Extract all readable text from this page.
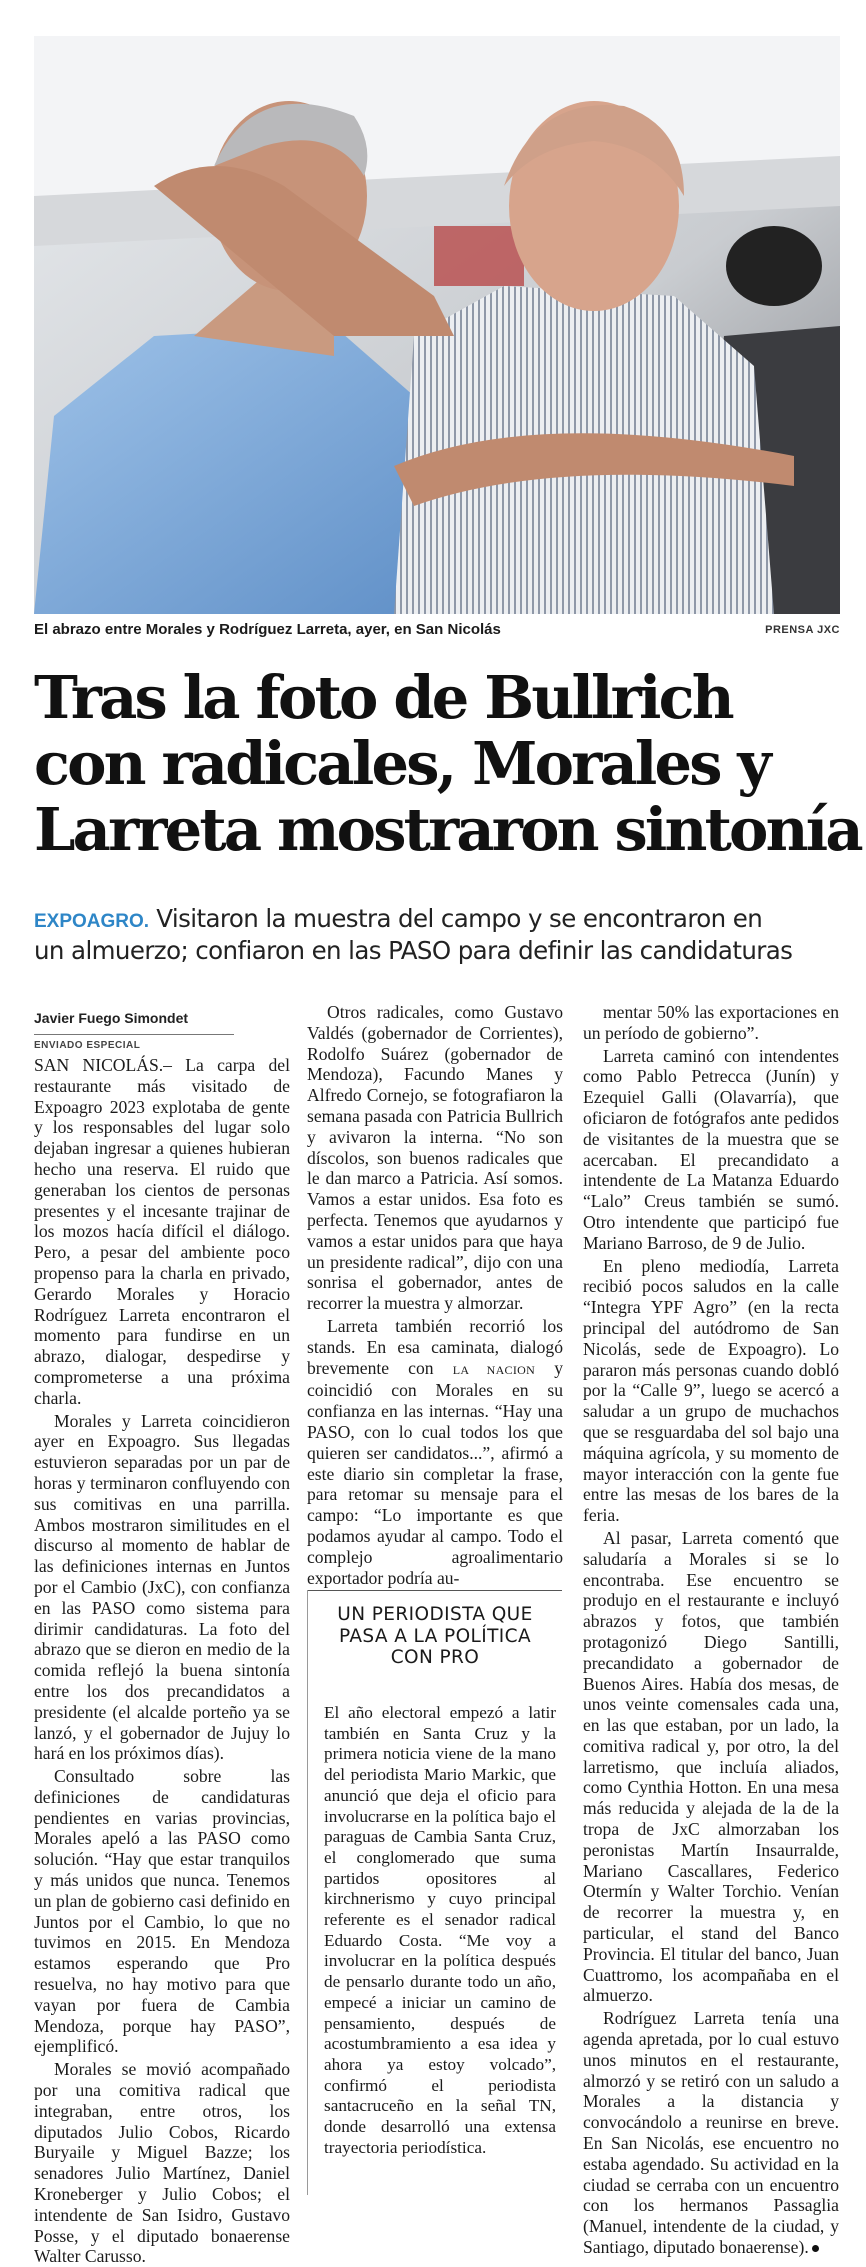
El abrazo entre Morales y Rodríguez Larreta, ayer, en San Nicolás	PRENSA JXC
Tras la foto de Bullrich
con radicales, Morales y
Larreta mostraron sintonía
EXPOAGRO. Visitaron la muestra del campo y se encontraron en
un almuerzo; confiaron en las PASO para definir las candidaturas
Javier Fuego Simondet
ENVIADO ESPECIAL

SAN NICOLÁS.– La carpa del restaurante más visitado de Expoagro 2023 explotaba de gente y los responsables del lugar solo dejaban ingresar a quienes hubieran hecho una reserva. El ruido que generaban los cientos de personas presentes y el incesante trajinar de los mozos hacía difícil el diálogo. Pero, a pesar del ambiente poco propenso para la charla en privado, Gerardo Morales y Horacio Rodríguez Larreta encontraron el momento para fundirse en un abrazo, dialogar, despedirse y comprometerse a una próxima charla.

Morales y Larreta coincidieron ayer en Expoagro. Sus llegadas estuvieron separadas por un par de horas y terminaron confluyendo con sus comitivas en una parrilla. Ambos mostraron similitudes en el discurso al momento de hablar de las definiciones internas en Juntos por el Cambio (JxC), con confianza en las PASO como sistema para dirimir candidaturas. La foto del abrazo que se dieron en medio de la comida reflejó la buena sintonía entre los dos precandidatos a presidente (el alcalde porteño ya se lanzó, y el gobernador de Jujuy lo hará en los próximos días).

Consultado sobre las definiciones de candidaturas pendientes en varias provincias, Morales apeló a las PASO como solución. “Hay que estar tranquilos y más unidos que nunca. Tenemos un plan de gobierno casi definido en Juntos por el Cambio, lo que no tuvimos en 2015. En Mendoza estamos esperando que Pro resuelva, no hay motivo para que vayan por fuera de Cambia Mendoza, porque hay PASO”, ejemplificó.

Morales se movió acompañado por una comitiva radical que integraban, entre otros, los diputados Julio Cobos, Ricardo Buryaile y Miguel Bazze; los senadores Julio Martínez, Daniel Kroneberger y Julio Cobos; el intendente de San Isidro, Gustavo Posse, y el diputado bonaerense Walter Carusso.

Otros radicales, como Gustavo Valdés (gobernador de Corrientes), Rodolfo Suárez (gobernador de Mendoza), Facundo Manes y Alfredo Cornejo, se fotografiaron la semana pasada con Patricia Bullrich y avivaron la interna. “No son díscolos, son buenos radicales que le dan marco a Patricia. Así somos. Vamos a estar unidos. Esa foto es perfecta. Tenemos que ayudarnos y vamos a estar unidos para que haya un presidente radical”, dijo con una sonrisa el gobernador, antes de recorrer la muestra y almorzar.

Larreta también recorrió los stands. En esa caminata, dialogó brevemente con LA NACION y coincidió con Morales en su confianza en las internas. “Hay una PASO, con lo cual todos los que quieren ser candidatos...”, afirmó a este diario sin completar la frase, para retomar su mensaje para el campo: “Lo importante es que podamos ayudar al campo. Todo el complejo agroalimentario exportador podría au-

UN PERIODISTA QUE
PASA A LA POLÍTICA
CON PRO

El año electoral empezó a latir también en Santa Cruz y la primera noticia viene de la mano del periodista Mario Markic, que anunció que deja el oficio para involucrarse en la política bajo el paraguas de Cambia Santa Cruz, el conglomerado que suma partidos opositores al kirchnerismo y cuyo principal referente es el senador radical Eduardo Costa. “Me voy a involucrar en la política después de pensarlo durante todo un año, empecé a iniciar un camino de pensamiento, después de acostumbramiento a esa idea y ahora ya estoy volcado”, confirmó el periodista santacruceño en la señal TN, donde desarrolló una extensa trayectoria periodística.

mentar 50% las exportaciones en un período de gobierno”.

Larreta caminó con intendentes como Pablo Petrecca (Junín) y Ezequiel Galli (Olavarría), que oficiaron de fotógrafos ante pedidos de visitantes de la muestra que se acercaban. El precandidato a intendente de La Matanza Eduardo “Lalo” Creus también se sumó. Otro intendente que participó fue Mariano Barroso, de 9 de Julio.

En pleno mediodía, Larreta recibió pocos saludos en la calle “Integra YPF Agro” (en la recta principal del autódromo de San Nicolás, sede de Expoagro). Lo pararon más personas cuando dobló por la “Calle 9”, luego se acercó a saludar a un grupo de muchachos que se resguardaba del sol bajo una máquina agrícola, y su momento de mayor interacción con la gente fue entre las mesas de los bares de la feria.

Al pasar, Larreta comentó que saludaría a Morales si se lo encontraba. Ese encuentro se produjo en el restaurante e incluyó abrazos y fotos, que también protagonizó Diego Santilli, precandidato a gobernador de Buenos Aires. Había dos mesas, de unos veinte comensales cada una, en las que estaban, por un lado, la comitiva radical y, por otro, la del larretismo, que incluía aliados, como Cynthia Hotton. En una mesa más reducida y alejada de la de la tropa de JxC almorzaban los peronistas Martín Insaurralde, Mariano Cascallares, Federico Otermín y Walter Torchio. Venían de recorrer la muestra y, en particular, el stand del Banco Provincia. El titular del banco, Juan Cuattromo, los acompañaba en el almuerzo.

Rodríguez Larreta tenía una agenda apretada, por lo cual estuvo unos minutos en el restaurante, almorzó y se retiró con un saludo a Morales a la distancia y convocándolo a reunirse en breve. En San Nicolás, ese encuentro no estaba agendado. Su actividad en la ciudad se cerraba con un encuentro con los hermanos Passaglia (Manuel, intendente de la ciudad, y Santiago, diputado bonaerense).
